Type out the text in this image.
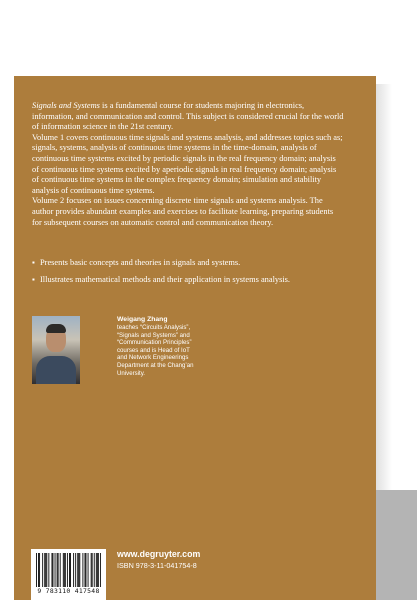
Signals and Systems is a fundamental course for students majoring in electronics, information, and communication and control. This subject is considered crucial for the world of information science in the 21st century.

Volume 1 covers continuous time signals and systems analysis, and addresses topics such as; signals, systems, analysis of continuous time systems in the time-domain, analysis of continuous time systems excited by periodic signals in the real frequency domain; analysis of continuous time systems excited by aperiodic signals in real frequency domain; analysis of continuous time systems in the complex frequency domain; simulation and stability analysis of continuous time systems.

Volume 2 focuses on issues concerning discrete time signals and systems analysis. The author provides abundant examples and exercises to facilitate learning, preparing students for subsequent courses on automatic control and communication theory.

▪ Presents basic concepts and theories in signals and systems.
▪ Illustrates mathematical methods and their application in systems analysis.
Weigang Zhang
teaches “Circuits Analysis”, “Signals and Systems” and “Communication Principles” courses and is Head of IoT and Network Engineerings Department at the Chang’an University.
9 783110 417548
www.degruyter.com
ISBN 978-3-11-041754-8
